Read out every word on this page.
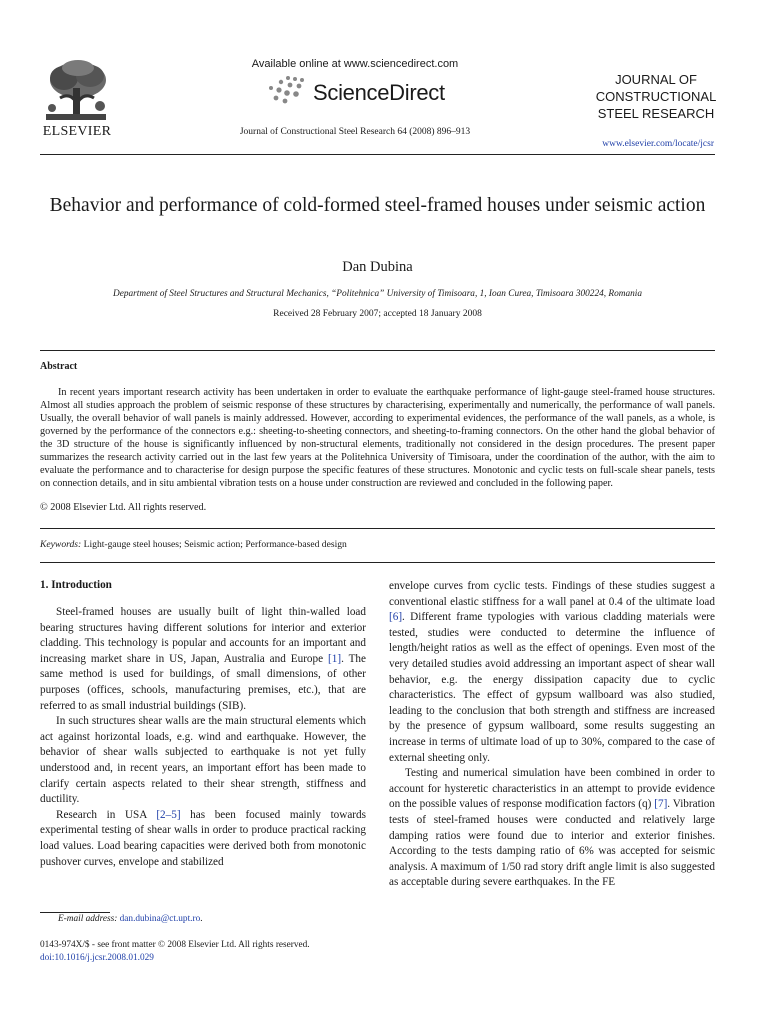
ELSEVIER
Available online at www.sciencedirect.com
ScienceDirect
Journal of Constructional Steel Research 64 (2008) 896–913
JOURNAL OF
CONSTRUCTIONAL
STEEL RESEARCH
www.elsevier.com/locate/jcsr
Behavior and performance of cold-formed steel-framed houses under seismic action
Dan Dubina
Department of Steel Structures and Structural Mechanics, “Politehnica” University of Timisoara, 1, Ioan Curea, Timisoara 300224, Romania
Received 28 February 2007; accepted 18 January 2008
Abstract

In recent years important research activity has been undertaken in order to evaluate the earthquake performance of light-gauge steel-framed house structures. Almost all studies approach the problem of seismic response of these structures by characterising, experimentally and numerically, the performance of wall panels. Usually, the overall behavior of wall panels is mainly addressed. However, according to experimental evidences, the performance of the wall panels, as a whole, is governed by the performance of the connectors e.g.: sheeting-to-sheeting connectors, and sheeting-to-framing connectors. On the other hand the global behavior of the 3D structure of the house is significantly influenced by non-structural elements, traditionally not considered in the design procedures. The present paper summarizes the research activity carried out in the last few years at the Politehnica University of Timisoara, under the coordination of the author, with the aim to evaluate the performance and to characterise for design purpose the specific features of these structures. Monotonic and cyclic tests on full-scale shear panels, tests on connection details, and in situ ambiental vibration tests on a house under construction are reviewed and concluded in the following paper.

© 2008 Elsevier Ltd. All rights reserved.
Keywords: Light-gauge steel houses; Seismic action; Performance-based design
1. Introduction

Steel-framed houses are usually built of light thin-walled load bearing structures having different solutions for interior and exterior cladding. This technology is popular and accounts for an important and increasing market share in US, Japan, Australia and Europe [1]. The same method is used for buildings, of small dimensions, of other purposes (offices, schools, manufacturing premises, etc.), that are referred to as small industrial buildings (SIB).

In such structures shear walls are the main structural elements which act against horizontal loads, e.g. wind and earthquake. However, the behavior of shear walls subjected to earthquake is not yet fully understood and, in recent years, an important effort has been made to clarify certain aspects related to their shear strength, stiffness and ductility.

Research in USA [2–5] has been focused mainly towards experimental testing of shear walls in order to produce practical racking load values. Load bearing capacities were derived both from monotonic pushover curves, envelope and stabilized

envelope curves from cyclic tests. Findings of these studies suggest a conventional elastic stiffness for a wall panel at 0.4 of the ultimate load [6]. Different frame typologies with various cladding materials were tested, studies were conducted to determine the influence of length/height ratios as well as the effect of openings. Even most of the very detailed studies avoid addressing an important aspect of shear wall behavior, e.g. the energy dissipation capacity due to cyclic characteristics. The effect of gypsum wallboard was also studied, leading to the conclusion that both strength and stiffness are increased by the presence of gypsum wallboard, some results suggesting an increase in terms of ultimate load of up to 30%, compared to the case of external sheeting only.

Testing and numerical simulation have been combined in order to account for hysteretic characteristics in an attempt to provide evidence on the possible values of response modification factors (q) [7]. Vibration tests of steel-framed houses were conducted and relatively large damping ratios were found due to interior and exterior finishes. According to the tests damping ratio of 6% was accepted for seismic analysis. A maximum of 1/50 rad story drift angle limit is also suggested as acceptable during severe earthquakes. In the FE

E-mail address: dan.dubina@ct.upt.ro.
0143-974X/$ - see front matter © 2008 Elsevier Ltd. All rights reserved.
doi:10.1016/j.jcsr.2008.01.029
